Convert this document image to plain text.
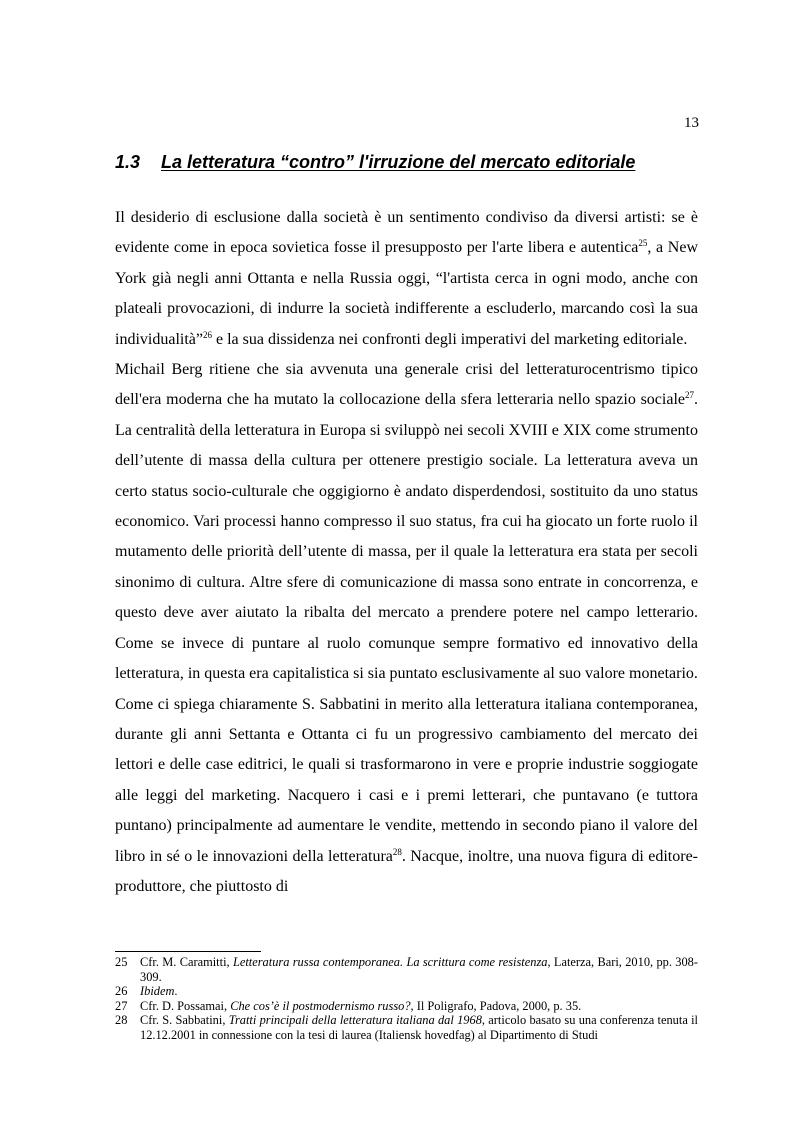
13
1.3 La letteratura “contro” l'irruzione del mercato editoriale

Il desiderio di esclusione dalla società è un sentimento condiviso da diversi artisti: se è evidente come in epoca sovietica fosse il presupposto per l'arte libera e autentica$^{25}$, a New York già negli anni Ottanta e nella Russia oggi, “l'artista cerca in ogni modo, anche con plateali provocazioni, di indurre la società indifferente a escluderlo, marcando così la sua individualità”$^{26}$ e la sua dissidenza nei confronti degli imperativi del marketing editoriale.

Michail Berg ritiene che sia avvenuta una generale crisi del letteraturocentrismo tipico dell'era moderna che ha mutato la collocazione della sfera letteraria nello spazio sociale$^{27}$. La centralità della letteratura in Europa si sviluppò nei secoli XVIII e XIX come strumento dell’utente di massa della cultura per ottenere prestigio sociale. La letteratura aveva un certo status socio-culturale che oggigiorno è andato disperdendosi, sostituito da uno status economico. Vari processi hanno compresso il suo status, fra cui ha giocato un forte ruolo il mutamento delle priorità dell’utente di massa, per il quale la letteratura era stata per secoli sinonimo di cultura. Altre sfere di comunicazione di massa sono entrate in concorrenza, e questo deve aver aiutato la ribalta del mercato a prendere potere nel campo letterario. Come se invece di puntare al ruolo comunque sempre formativo ed innovativo della letteratura, in questa era capitalistica si sia puntato esclusivamente al suo valore monetario.

Come ci spiega chiaramente S. Sabbatini in merito alla letteratura italiana contemporanea, durante gli anni Settanta e Ottanta ci fu un progressivo cambiamento del mercato dei lettori e delle case editrici, le quali si trasformarono in vere e proprie industrie soggiogate alle leggi del marketing. Nacquero i casi e i premi letterari, che puntavano (e tuttora puntano) principalmente ad aumentare le vendite, mettendo in secondo piano il valore del libro in sé o le innovazioni della letteratura$^{28}$. Nacque, inoltre, una nuova figura di editore-produttore, che piuttosto di

25	Cfr. M. Caramitti, Letteratura russa contemporanea. La scrittura come resistenza, Laterza, Bari, 2010, pp. 308-309.
26	Ibidem.
27	Cfr. D. Possamai, Che cos’è il postmodernismo russo?, Il Poligrafo, Padova, 2000, p. 35.
28	Cfr. S. Sabbatini, Tratti principali della letteratura italiana dal 1968, articolo basato su una conferenza tenuta il 12.12.2001 in connessione con la tesi di laurea (Italiensk hovedfag) al Dipartimento di Studi
